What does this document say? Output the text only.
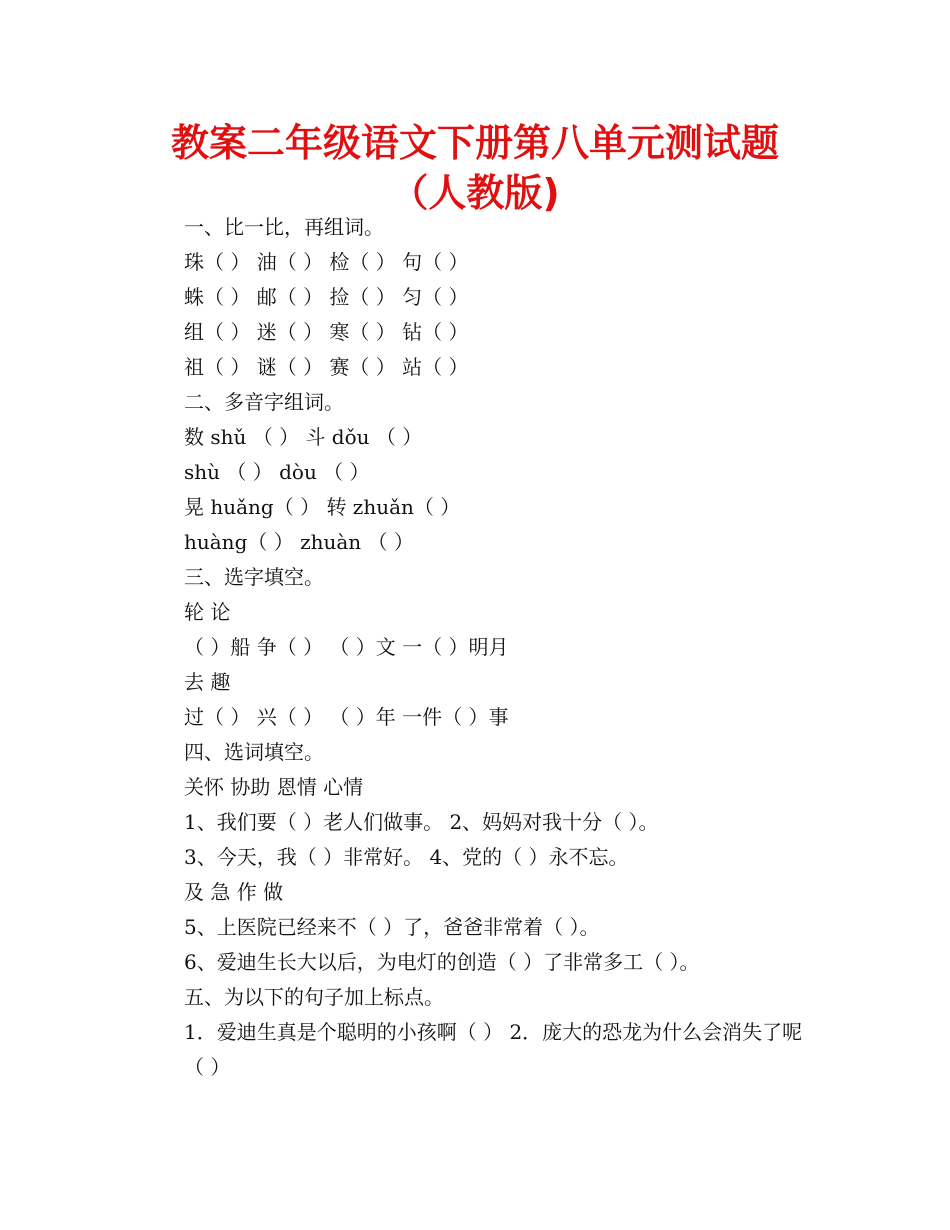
教案二年级语文下册第八单元测试题（人教版)
一、比一比，再组词。
珠（ ） 油（ ） 检（ ） 句（ ）
蛛（ ） 邮（ ） 捡（ ） 匀（ ）
组（ ） 迷（ ） 寒（ ） 钻（ ）
祖（ ） 谜（ ） 赛（ ） 站（ ）
二、多音字组词。
数 shǔ （ ） 斗 dǒu （ ）
shù （ ） dòu （ ）
晃 huǎng（ ） 转 zhuǎn（ ）
huàng（ ） zhuàn （ ）
三、选字填空。
轮 论
（ ）船 争（ ） （ ）文 一（ ）明月
去 趣
过（ ） 兴（ ） （ ）年 一件（ ）事
四、选词填空。
关怀 协助 恩情 心情
1、我们要（ ）老人们做事。 2、妈妈对我十分（ ）。
3、今天，我（ ）非常好。 4、党的（ ）永不忘。
及 急 作 做
5、上医院已经来不（ ）了，爸爸非常着（ ）。
6、爱迪生长大以后，为电灯的创造（ ）了非常多工（ ）。
五、为以下的句子加上标点。
1．爱迪生真是个聪明的小孩啊（ ） 2．庞大的恐龙为什么会消失了呢（ ）
